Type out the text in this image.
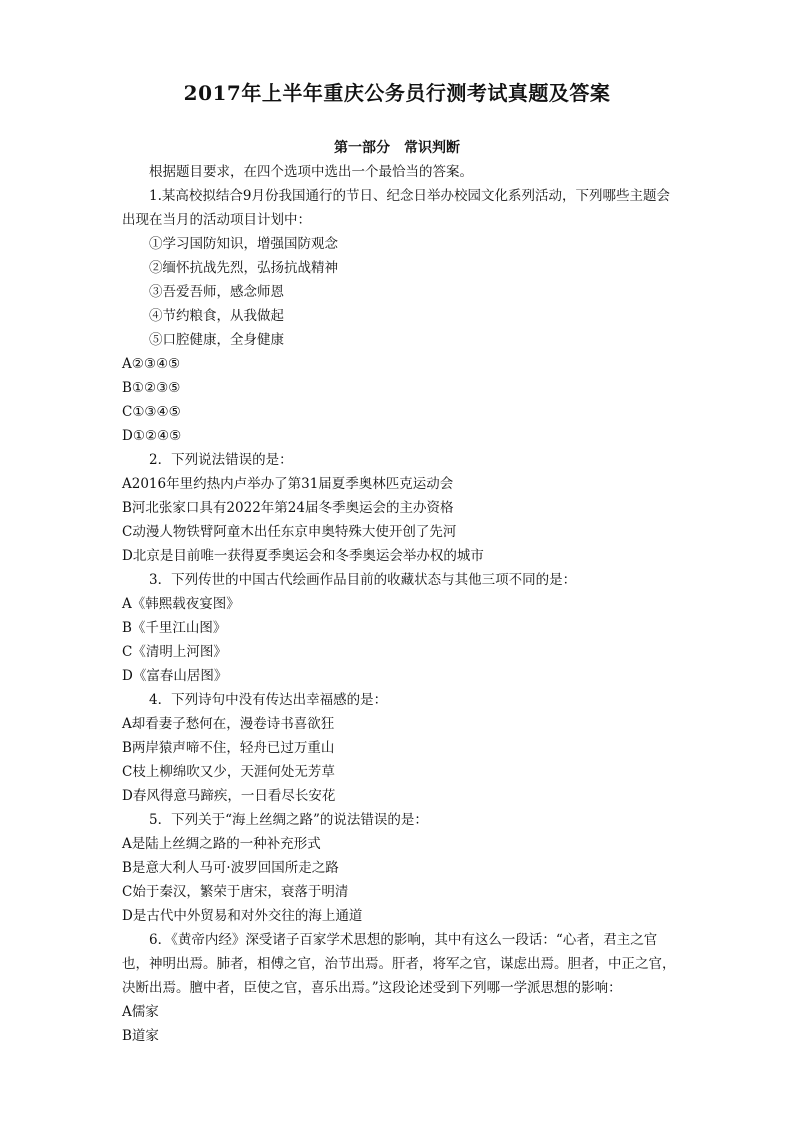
2017年上半年重庆公务员行测考试真题及答案
第一部分　常识判断
根据题目要求，在四个选项中选出一个最恰当的答案。
1.某高校拟结合9月份我国通行的节日、纪念日举办校园文化系列活动，下列哪些主题会出现在当月的活动项目计划中：
①学习国防知识，增强国防观念
②缅怀抗战先烈，弘扬抗战精神
③吾爱吾师，感念师恩
④节约粮食，从我做起
⑤口腔健康，全身健康
A②③④⑤
B①②③⑤
C①③④⑤
D①②④⑤
2．下列说法错误的是：
A2016年里约热内卢举办了第31届夏季奥林匹克运动会
B河北张家口具有2022年第24届冬季奥运会的主办资格
C动漫人物铁臂阿童木出任东京申奥特殊大使开创了先河
D北京是目前唯一获得夏季奥运会和冬季奥运会举办权的城市
3．下列传世的中国古代绘画作品目前的收藏状态与其他三项不同的是：
A《韩熙载夜宴图》
B《千里江山图》
C《清明上河图》
D《富春山居图》
4．下列诗句中没有传达出幸福感的是：
A却看妻子愁何在，漫卷诗书喜欲狂
B两岸猿声啼不住，轻舟已过万重山
C枝上柳绵吹又少，天涯何处无芳草
D春风得意马蹄疾，一日看尽长安花
5．下列关于“海上丝绸之路”的说法错误的是：
A是陆上丝绸之路的一种补充形式
B是意大利人马可·波罗回国所走之路
C始于秦汉，繁荣于唐宋，衰落于明清
D是古代中外贸易和对外交往的海上通道
6．《黄帝内经》深受诸子百家学术思想的影响，其中有这么一段话：“心者，君主之官也，神明出焉。肺者，相傅之官，治节出焉。肝者，将军之官，谋虑出焉。胆者，中正之官，决断出焉。膻中者，臣使之官，喜乐出焉。”这段论述受到下列哪一学派思想的影响：
A儒家
B道家
